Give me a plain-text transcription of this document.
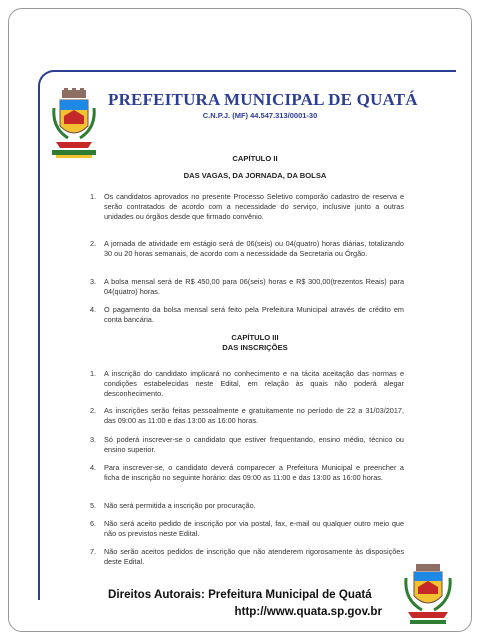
PREFEITURA MUNICIPAL DE QUATÁ
C.N.P.J. (MF) 44.547.313/0001-30
CAPÍTULO II
DAS VAGAS, DA JORNADA, DA BOLSA
1. Os candidatos aprovados no presente Processo Seletivo comporão cadastro de reserva e serão contratados de acordo com a necessidade do serviço, inclusive junto a outras unidades ou órgãos desde que firmado convênio.
2. A jornada de atividade em estágio será de 06(seis) ou 04(quatro) horas diárias, totalizando 30 ou 20 horas semanais, de acordo com a necessidade da Secretaria ou Órgão.
3. A bolsa mensal será de R$ 450,00 para 06(seis) horas e R$ 300,00(trezentos Reais) para 04(quatro) horas.
4. O pagamento da bolsa mensal será feito pela Prefeitura Municipal através de crédito em conta bancária.
CAPÍTULO III
DAS INSCRIÇÕES
1. A inscrição do candidato implicará no conhecimento e na tácita aceitação das normas e condições estabelecidas neste Edital, em relação às quais não poderá alegar desconhecimento.
2. As inscrições serão feitas pessoalmente e gratuitamente no período de 22 a 31/03/2017, das 09:00 as 11:00 e das 13:00 as 16:00 horas.
3. Só poderá inscrever-se o candidato que estiver frequentando, ensino médio, técnico ou ensino superior.
4. Para inscrever-se, o candidato deverá comparecer a Prefeitura Municipal e preencher a ficha de inscrição no seguinte horário: das 09:00 as 11:00 e das 13:00 as 16:00 horas.
5. Não será permitida a inscrição por procuração.
6. Não será aceito pedido de inscrição por via postal, fax, e-mail ou qualquer outro meio que não os previstos neste Edital.
7. Não serão aceitos pedidos de inscrição que não atenderem rigorosamente às disposições deste Edital.
Direitos Autorais: Prefeitura Municipal de Quatá
http://www.quata.sp.gov.br
